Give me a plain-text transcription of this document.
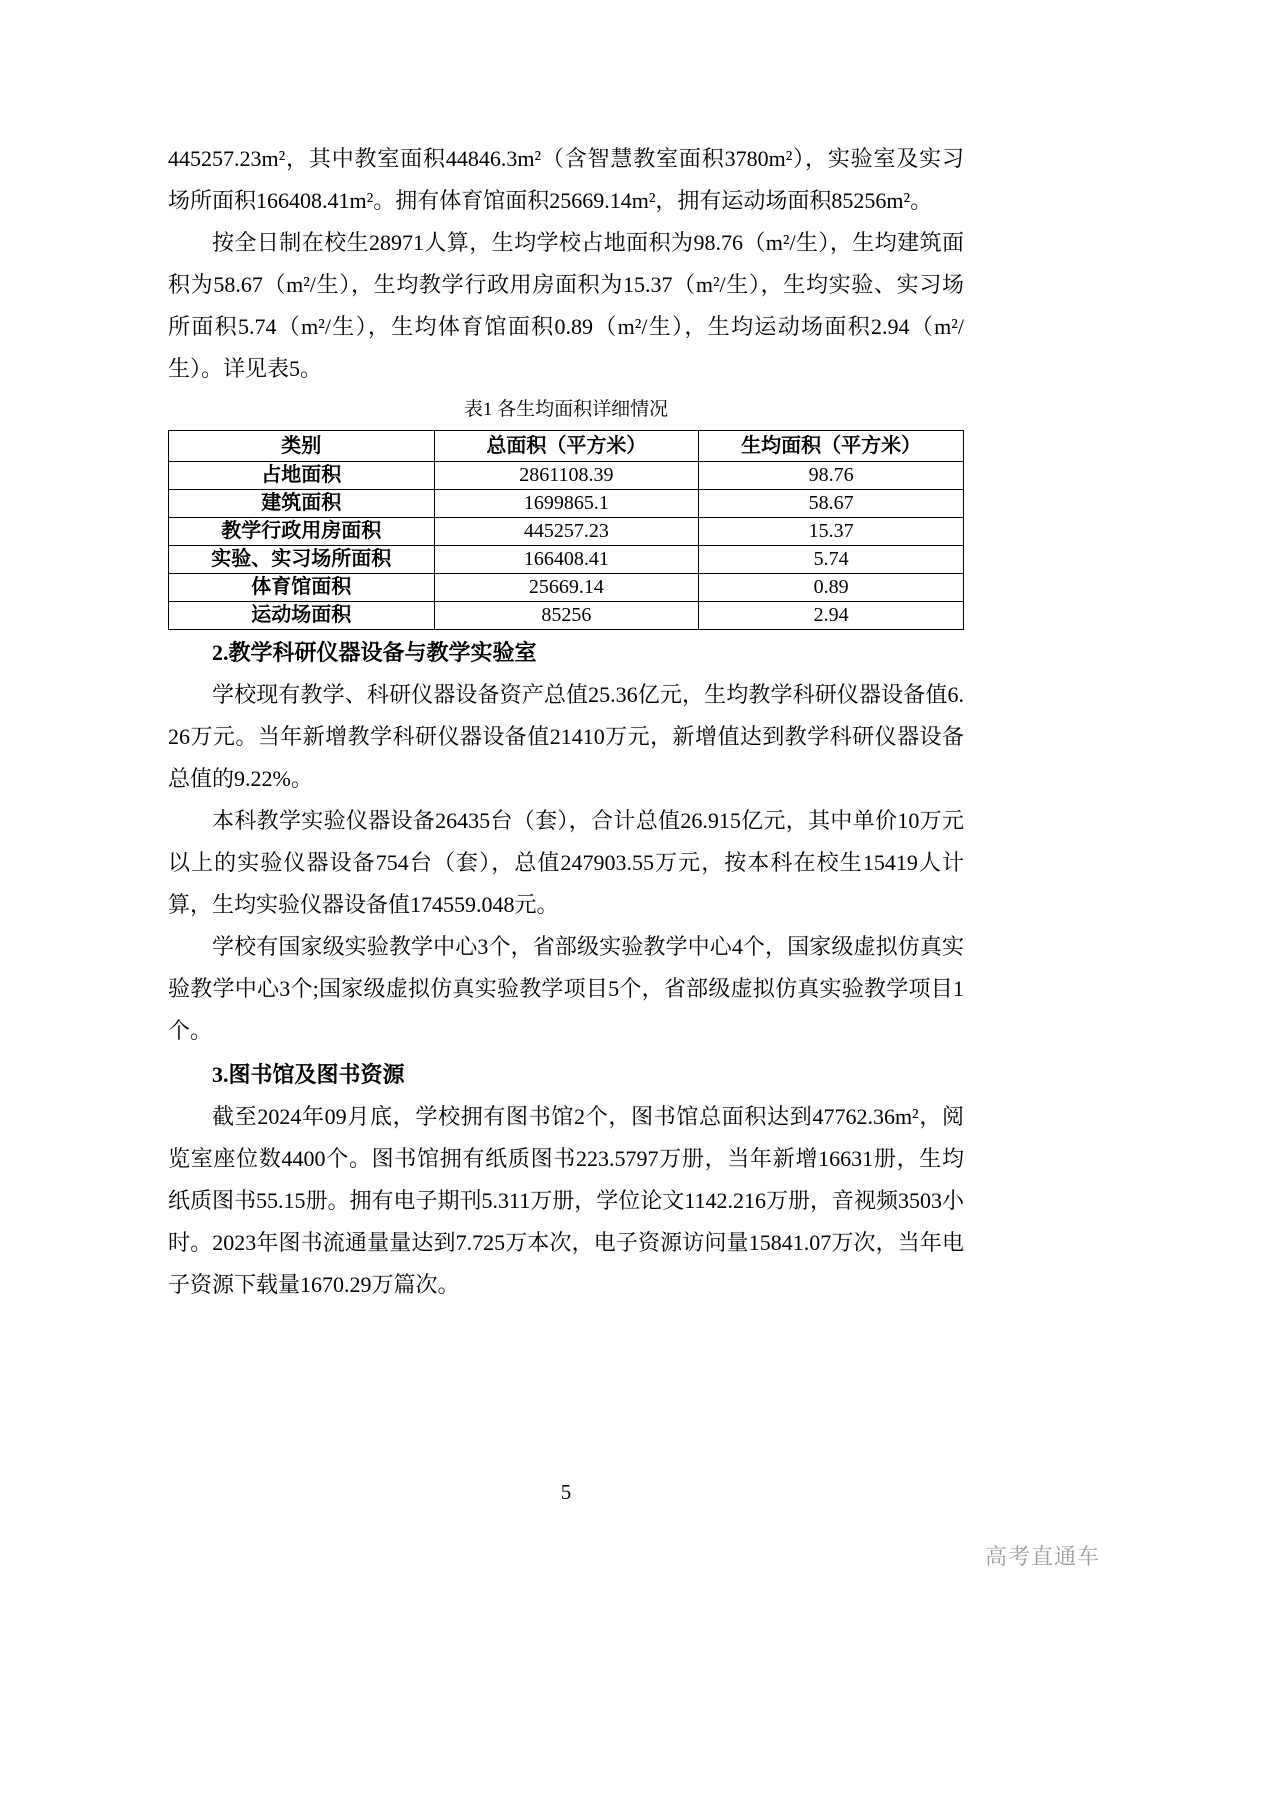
445257.23m²，其中教室面积44846.3m²（含智慧教室面积3780m²），实验室及实习场所面积166408.41m²。拥有体育馆面积25669.14m²，拥有运动场面积85256m²。

按全日制在校生28971人算，生均学校占地面积为98.76（m²/生），生均建筑面积为58.67（m²/生），生均教学行政用房面积为15.37（m²/生），生均实验、实习场所面积5.74（m²/生），生均体育馆面积0.89（m²/生），生均运动场面积2.94（m²/生）。详见表5。

表1 各生均面积详细情况
类别	总面积（平方米）	生均面积（平方米）
占地面积	2861108.39	98.76
建筑面积	1699865.1	58.67
教学行政用房面积	445257.23	15.37
实验、实习场所面积	166408.41	5.74
体育馆面积	25669.14	0.89
运动场面积	85256	2.94

2.教学科研仪器设备与教学实验室

学校现有教学、科研仪器设备资产总值25.36亿元，生均教学科研仪器设备值6.26万元。当年新增教学科研仪器设备值21410万元，新增值达到教学科研仪器设备总值的9.22%。

本科教学实验仪器设备26435台（套），合计总值26.915亿元，其中单价10万元以上的实验仪器设备754台（套），总值247903.55万元，按本科在校生15419人计算，生均实验仪器设备值174559.048元。

学校有国家级实验教学中心3个，省部级实验教学中心4个，国家级虚拟仿真实验教学中心3个;国家级虚拟仿真实验教学项目5个，省部级虚拟仿真实验教学项目1个。

3.图书馆及图书资源

截至2024年09月底，学校拥有图书馆2个，图书馆总面积达到47762.36m²，阅览室座位数4400个。图书馆拥有纸质图书223.5797万册，当年新增16631册，生均纸质图书55.15册。拥有电子期刊5.311万册，学位论文1142.216万册，音视频3503小时。2023年图书流通量量达到7.725万本次，电子资源访问量15841.07万次，当年电子资源下载量1670.29万篇次。

5
高考直通车
